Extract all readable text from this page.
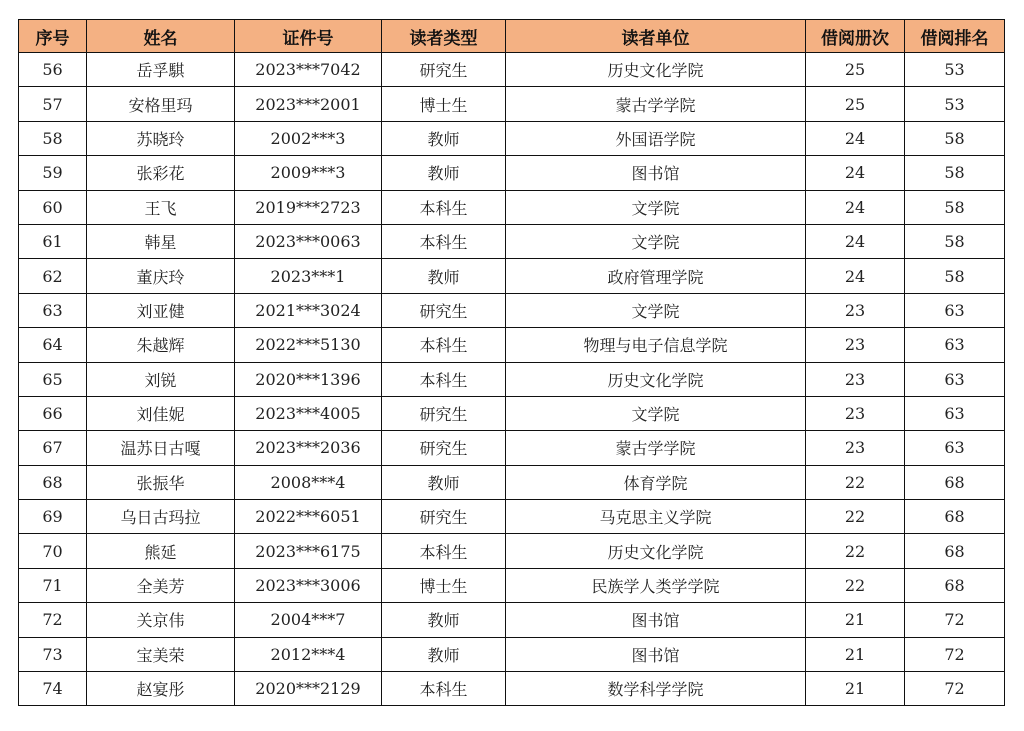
序号	姓名	证件号	读者类型	读者单位	借阅册次	借阅排名
56	岳孚騏	2023***7042	研究生	历史文化学院	25	53
57	安格里玛	2023***2001	博士生	蒙古学学院	25	53
58	苏晓玲	2002***3	教师	外国语学院	24	58
59	张彩花	2009***3	教师	图书馆	24	58
60	王飞	2019***2723	本科生	文学院	24	58
61	韩星	2023***0063	本科生	文学院	24	58
62	董庆玲	2023***1	教师	政府管理学院	24	58
63	刘亚健	2021***3024	研究生	文学院	23	63
64	朱越辉	2022***5130	本科生	物理与电子信息学院	23	63
65	刘锐	2020***1396	本科生	历史文化学院	23	63
66	刘佳妮	2023***4005	研究生	文学院	23	63
67	温苏日古嘎	2023***2036	研究生	蒙古学学院	23	63
68	张振华	2008***4	教师	体育学院	22	68
69	乌日古玛拉	2022***6051	研究生	马克思主义学院	22	68
70	熊延	2023***6175	本科生	历史文化学院	22	68
71	全美芳	2023***3006	博士生	民族学人类学学院	22	68
72	关京伟	2004***7	教师	图书馆	21	72
73	宝美荣	2012***4	教师	图书馆	21	72
74	赵宴彤	2020***2129	本科生	数学科学学院	21	72
